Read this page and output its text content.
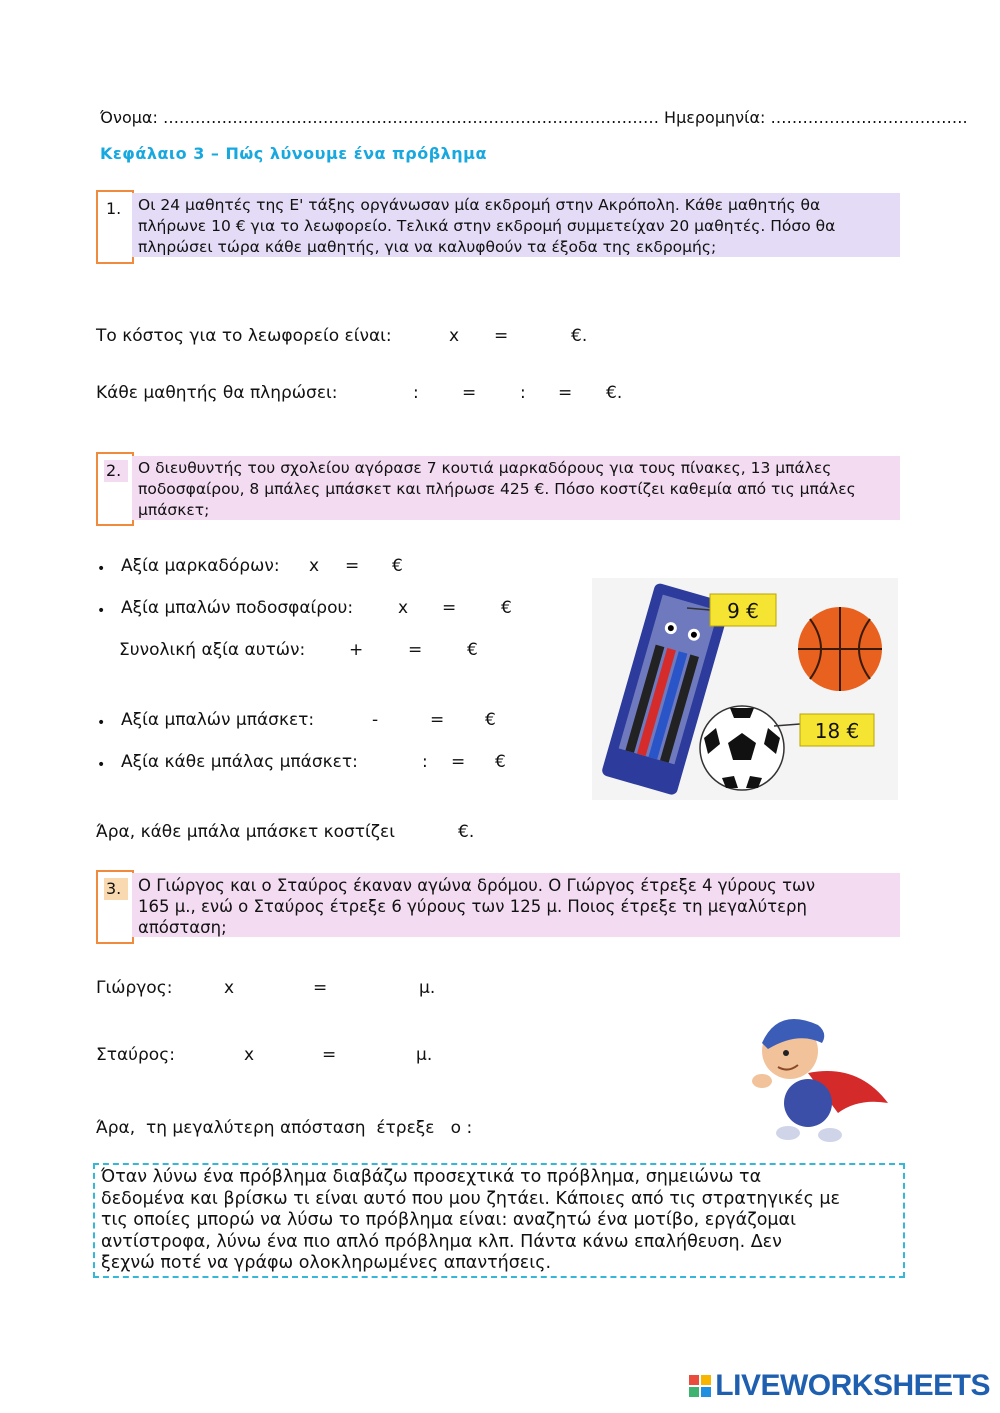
Όνομα: ………………………………………………………………………………… Ημερομηνία: ……………………………….
Κεφάλαιο 3 – Πώς λύνουμε ένα πρόβλημα
1.	Οι 24 μαθητές της Ε' τάξης οργάνωσαν μία εκδρομή στην Ακρόπολη. Κάθε μαθητής θα
πλήρωνε 10 € για το λεωφορείο. Τελικά στην εκδρομή συμμετείχαν 20 μαθητές. Πόσο θα
πληρώσει τώρα κάθε μαθητής, για να καλυφθούν τα έξοδα της εκδρομής;
Το κόστος για το λεωφορείο είναι:	x =	€.
Κάθε μαθητής θα πληρώσει:	:	=	: = €.
2.	Ο διευθυντής του σχολείου αγόρασε 7 κουτιά μαρκαδόρους για τους πίνακες, 13 μπάλες
ποδοσφαίρου, 8 μπάλες μπάσκετ και πλήρωσε 425 €. Πόσο κοστίζει καθεμία από τις μπάλες
μπάσκετ;
• Αξία μαρκαδόρων: x = €
• Αξία μπαλών ποδοσφαίρου:	x =	€
Συνολική αξία αυτών:	+	=	€
• Αξία μπαλών μπάσκετ:	-	= €
• Αξία κάθε μπάλας μπάσκετ:	: = €
Άρα, κάθε μπάλα μπάσκετ κοστίζει	€.
9 €
18 €
3.	Ο Γιώργος και ο Σταύρος έκαναν αγώνα δρόμου. Ο Γιώργος έτρεξε 4 γύρους των
165 μ., ενώ ο Σταύρος έτρεξε 6 γύρους των 125 μ. Ποιος έτρεξε τη μεγαλύτερη
απόσταση;
Γιώργος:	x	=	μ.
Σταύρος:	x	=	μ.
Άρα,  τη μεγαλύτερη απόσταση  έτρεξε   ο :
Όταν λύνω ένα πρόβλημα διαβάζω προσεχτικά το πρόβλημα, σημειώνω τα
δεδομένα και βρίσκω τι είναι αυτό που μου ζητάει. Κάποιες από τις στρατηγικές με
τις οποίες μπορώ να λύσω το πρόβλημα είναι: αναζητώ ένα μοτίβο, εργάζομαι
αντίστροφα, λύνω ένα πιο απλό πρόβλημα κλπ. Πάντα κάνω επαλήθευση. Δεν
ξεχνώ ποτέ να γράφω ολοκληρωμένες απαντήσεις.
LIVEWORKSHEETS
